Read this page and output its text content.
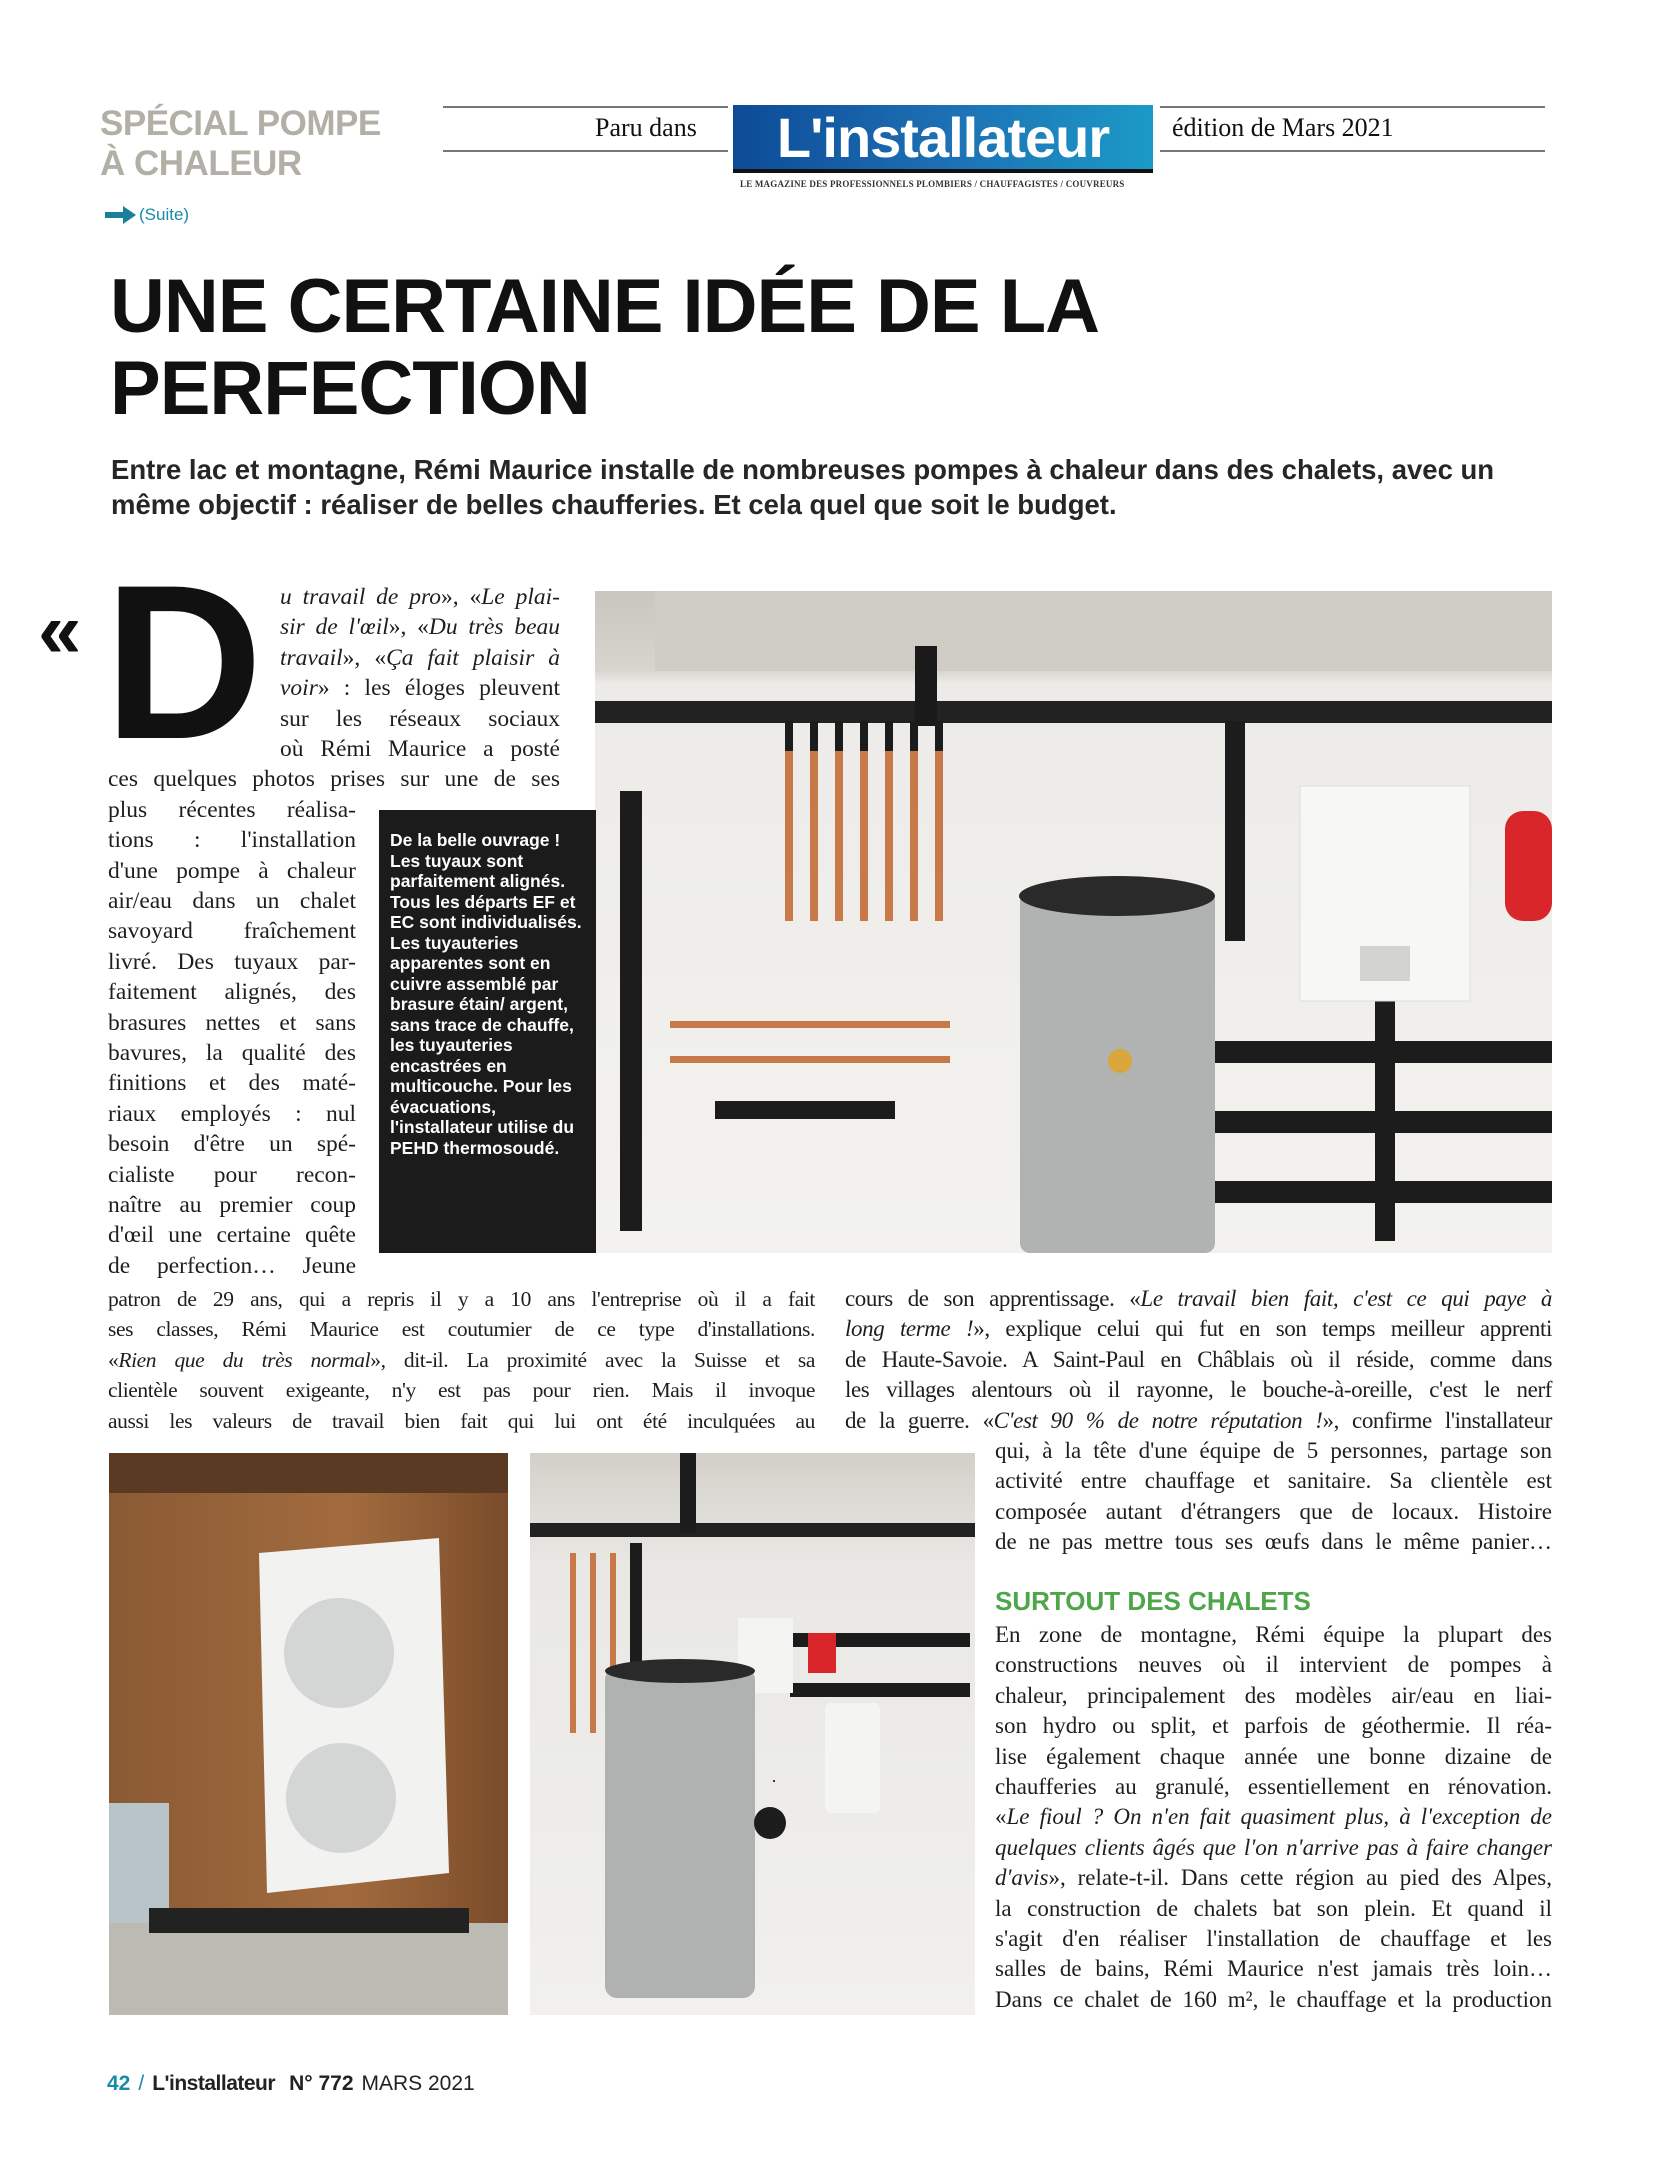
SPÉCIAL POMPE
À CHALEUR
Paru dans	L'installateur
LE MAGAZINE DES PROFESSIONNELS PLOMBIERS / CHAUFFAGISTES / COUVREURS
édition de Mars 2021
(Suite)
UNE CERTAINE IDÉE DE LA
PERFECTION
Entre lac et montagne, Rémi Maurice installe de nombreuses pompes à chaleur dans des chalets, avec un même objectif : réaliser de belles chaufferies. Et cela quel que soit le budget.
« D u travail de pro», «Le plai-
sir de l'œil», «Du très beau
travail», «Ça fait plaisir à
voir» : les éloges pleuvent
sur les réseaux sociaux
où Rémi Maurice a posté
ces quelques photos prises sur une de ses
plus récentes réalisa-
tions : l'installation
d'une pompe à chaleur
air/eau dans un chalet
savoyard fraîchement
livré. Des tuyaux par-
faitement alignés, des
brasures nettes et sans
bavures, la qualité des
finitions et des maté-
riaux employés : nul
besoin d'être un spé-
cialiste pour recon-
naître au premier coup
d'œil une certaine quête
de perfection… Jeune
patron de 29 ans, qui a repris il y a 10 ans l'entreprise où il a fait
ses classes, Rémi Maurice est coutumier de ce type d'installations.
«Rien que du très normal», dit-il. La proximité avec la Suisse et sa
clientèle souvent exigeante, n'y est pas pour rien. Mais il invoque
aussi les valeurs de travail bien fait qui lui ont été inculquées au
cours de son apprentissage. «Le travail bien fait, c'est ce qui paye à
long terme !», explique celui qui fut en son temps meilleur apprenti
de Haute-Savoie. A Saint-Paul en Châblais où il réside, comme dans
les villages alentours où il rayonne, le bouche-à-oreille, c'est le nerf
de la guerre. «C'est 90 % de notre réputation !», confirme l'installateur
qui, à la tête d'une équipe de 5 personnes, partage son
activité entre chauffage et sanitaire. Sa clientèle est
composée autant d'étrangers que de locaux. Histoire
de ne pas mettre tous ses œufs dans le même panier…
En zone de montagne, Rémi équipe la plupart des
constructions neuves où il intervient de pompes à
chaleur, principalement des modèles air/eau en liai-
son hydro ou split, et parfois de géothermie. Il réa-
lise également chaque année une bonne dizaine de
chaufferies au granulé, essentiellement en rénovation.
«Le fioul ? On n'en fait quasiment plus, à l'exception de
quelques clients âgés que l'on n'arrive pas à faire changer
d'avis», relate-t-il. Dans cette région au pied des Alpes,
la construction de chalets bat son plein. Et quand il
s'agit d'en réaliser l'installation de chauffage et les
salles de bains, Rémi Maurice n'est jamais très loin…
Dans ce chalet de 160 m², le chauffage et la production
De la belle ouvrage ! Les tuyaux sont parfaitement alignés. Tous les départs EF et EC sont individualisés. Les tuyauteries apparentes sont en cuivre assemblé par brasure étain/ argent, sans trace de chauffe, les tuyauteries encastrées en multicouche. Pour les évacuations, l'installateur utilise du PEHD thermosoudé.
SURTOUT DES CHALETS
42 / L'installateur N° 772 MARS 2021
